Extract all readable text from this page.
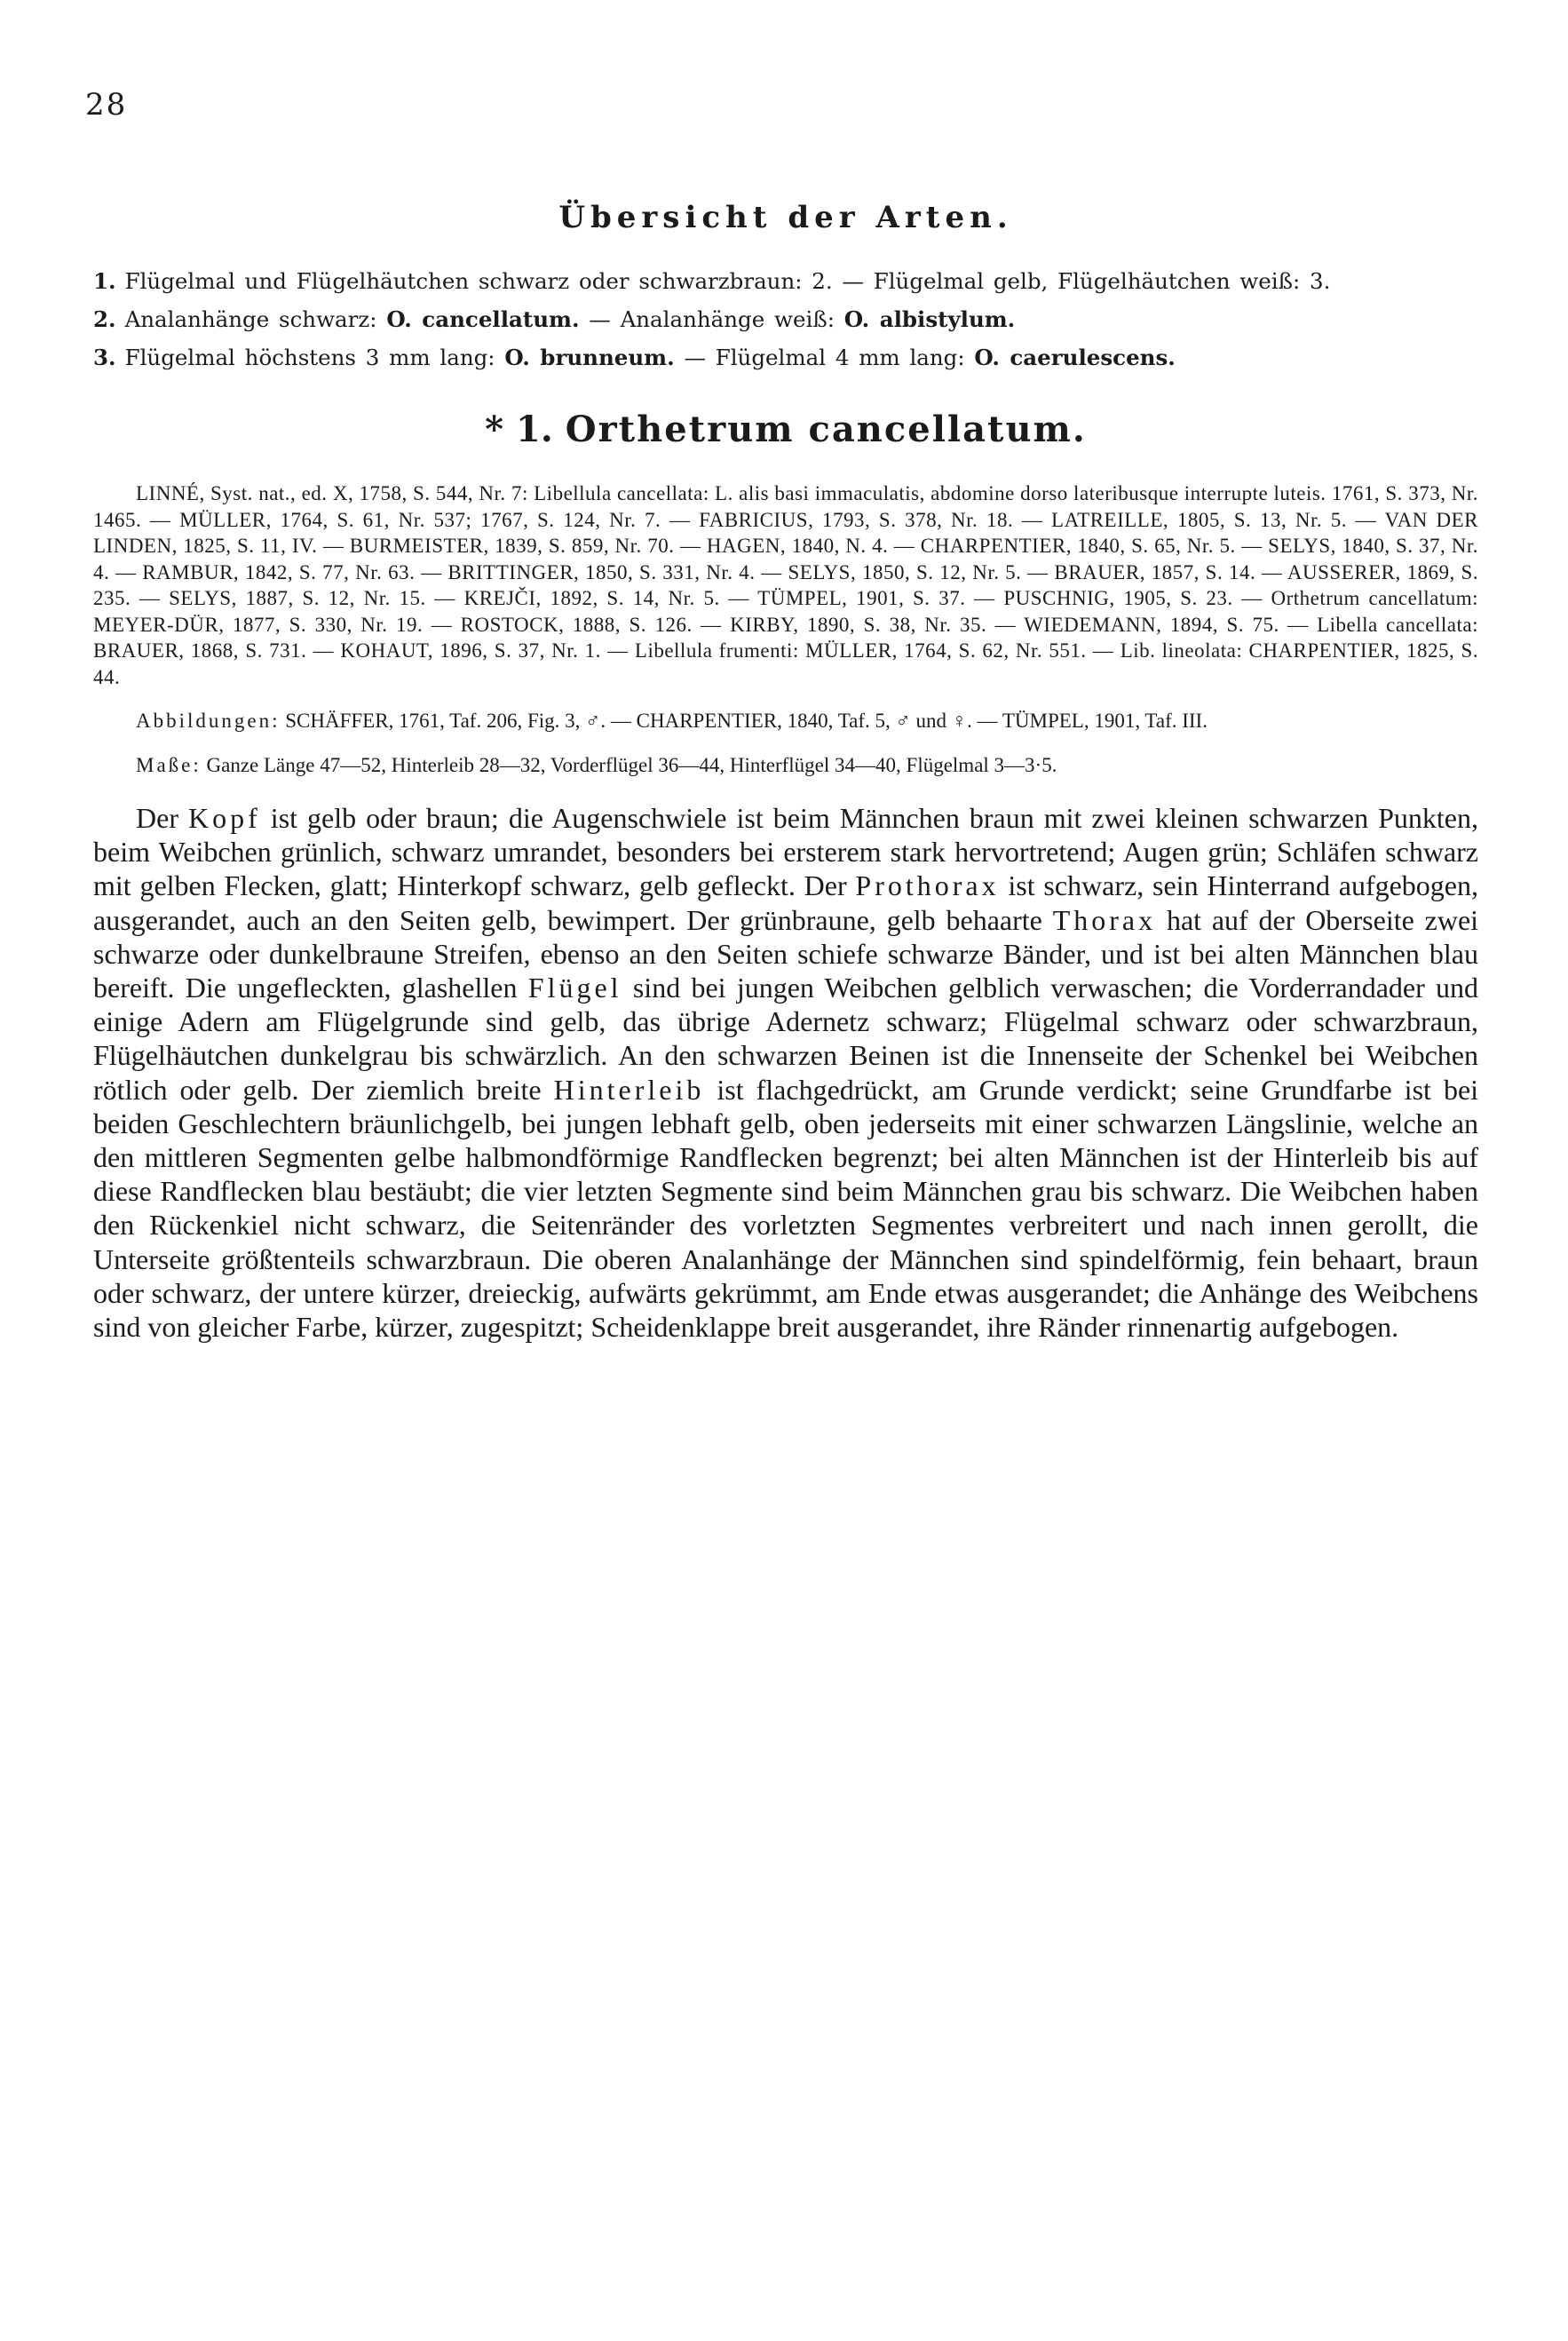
28
Übersicht der Arten.

1. Flügelmal und Flügelhäutchen schwarz oder schwarzbraun: 2. — Flügelmal gelb, Flügelhäutchen weiß: 3.

2. Analanhänge schwarz: O. cancellatum. — Analanhänge weiß: O. albistylum.

3. Flügelmal höchstens 3 mm lang: O. brunneum. — Flügelmal 4 mm lang: O. caerulescens.

* 1. Orthetrum cancellatum.

LINNÉ, Syst. nat., ed. X, 1758, S. 544, Nr. 7: Libellula cancellata: L. alis basi immaculatis, abdomine dorso lateribusque interrupte luteis. 1761, S. 373, Nr. 1465. — MÜLLER, 1764, S. 61, Nr. 537; 1767, S. 124, Nr. 7. — FABRICIUS, 1793, S. 378, Nr. 18. — LATREILLE, 1805, S. 13, Nr. 5. — VAN DER LINDEN, 1825, S. 11, IV. — BURMEISTER, 1839, S. 859, Nr. 70. — HAGEN, 1840, N. 4. — CHARPENTIER, 1840, S. 65, Nr. 5. — SELYS, 1840, S. 37, Nr. 4. — RAMBUR, 1842, S. 77, Nr. 63. — BRITTINGER, 1850, S. 331, Nr. 4. — SELYS, 1850, S. 12, Nr. 5. — BRAUER, 1857, S. 14. — AUSSERER, 1869, S. 235. — SELYS, 1887, S. 12, Nr. 15. — KREJČI, 1892, S. 14, Nr. 5. — TÜMPEL, 1901, S. 37. — PUSCHNIG, 1905, S. 23. — Orthetrum cancellatum: MEYER-DÜR, 1877, S. 330, Nr. 19. — ROSTOCK, 1888, S. 126. — KIRBY, 1890, S. 38, Nr. 35. — WIEDEMANN, 1894, S. 75. — Libella cancellata: BRAUER, 1868, S. 731. — KOHAUT, 1896, S. 37, Nr. 1. — Libellula frumenti: MÜLLER, 1764, S. 62, Nr. 551. — Lib. lineolata: CHARPENTIER, 1825, S. 44.

Abbildungen: SCHÄFFER, 1761, Taf. 206, Fig. 3, ♂. — CHARPENTIER, 1840, Taf. 5, ♂ und ♀. — TÜMPEL, 1901, Taf. III.

Maße: Ganze Länge 47—52, Hinterleib 28—32, Vorderflügel 36—44, Hinterflügel 34—40, Flügelmal 3—3·5.

Der Kopf ist gelb oder braun; die Augenschwiele ist beim Männchen braun mit zwei kleinen schwarzen Punkten, beim Weibchen grünlich, schwarz umrandet, besonders bei ersterem stark hervortretend; Augen grün; Schläfen schwarz mit gelben Flecken, glatt; Hinterkopf schwarz, gelb gefleckt. Der Prothorax ist schwarz, sein Hinterrand aufgebogen, ausgerandet, auch an den Seiten gelb, bewimpert. Der grünbraune, gelb behaarte Thorax hat auf der Oberseite zwei schwarze oder dunkelbraune Streifen, ebenso an den Seiten schiefe schwarze Bänder, und ist bei alten Männchen blau bereift. Die ungefleckten, glashellen Flügel sind bei jungen Weibchen gelblich verwaschen; die Vorderrandader und einige Adern am Flügelgrunde sind gelb, das übrige Adernetz schwarz; Flügelmal schwarz oder schwarzbraun, Flügelhäutchen dunkelgrau bis schwärzlich. An den schwarzen Beinen ist die Innenseite der Schenkel bei Weibchen rötlich oder gelb. Der ziemlich breite Hinterleib ist flachgedrückt, am Grunde verdickt; seine Grundfarbe ist bei beiden Geschlechtern bräunlichgelb, bei jungen lebhaft gelb, oben jederseits mit einer schwarzen Längslinie, welche an den mittleren Segmenten gelbe halbmondförmige Randflecken begrenzt; bei alten Männchen ist der Hinterleib bis auf diese Randflecken blau bestäubt; die vier letzten Segmente sind beim Männchen grau bis schwarz. Die Weibchen haben den Rückenkiel nicht schwarz, die Seitenränder des vorletzten Segmentes verbreitert und nach innen gerollt, die Unterseite größtenteils schwarzbraun. Die oberen Analanhänge der Männchen sind spindelförmig, fein behaart, braun oder schwarz, der untere kürzer, dreieckig, aufwärts gekrümmt, am Ende etwas ausgerandet; die Anhänge des Weibchens sind von gleicher Farbe, kürzer, zugespitzt; Scheidenklappe breit ausgerandet, ihre Ränder rinnenartig aufgebogen.
